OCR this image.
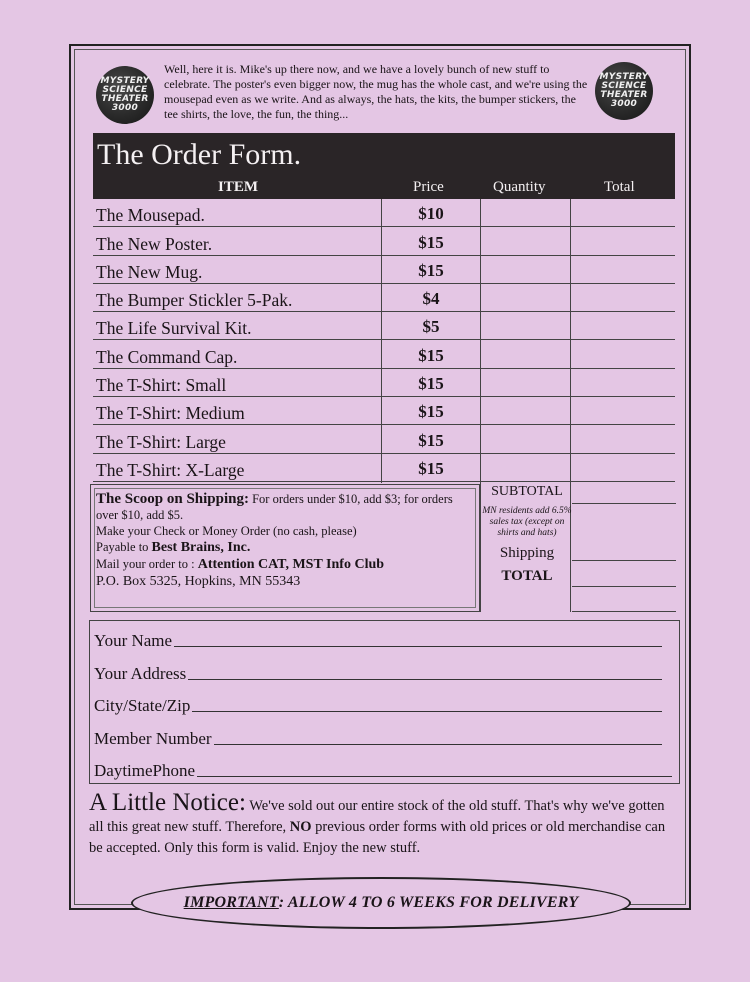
MYSTERY
SCIENCE
THEATER
3000
MYSTERY
SCIENCE
THEATER
3000
Well, here it is. Mike's up there now, and we have a lovely bunch of new stuff to celebrate. The poster's even bigger now, the mug has the whole cast, and we're using the mousepad even as we write. And as always, the hats, the kits, the bumper stickers, the tee shirts, the love, the fun, the thing...
The Order Form.
ITEM	Price	Quantity	Total
The Mousepad.	$10
The New Poster.	$15
The New Mug.	$15
The Bumper Stickler 5-Pak.	$4
The Life Survival Kit.	$5
The Command Cap.	$15
The T-Shirt: Small	$15
The T-Shirt: Medium	$15
The T-Shirt: Large	$15
The T-Shirt: X-Large	$15
The Scoop on Shipping: For orders under $10, add $3; for orders over $10, add $5.
Make your Check or Money Order (no cash, please)
Payable to Best Brains, Inc.
Mail your order to : Attention CAT, MST Info Club
P.O. Box 5325, Hopkins, MN 55343
SUBTOTAL
MN residents add 6.5% sales tax (except on shirts and hats)
Shipping
TOTAL
Your Name
Your Address
City/State/Zip
Member Number
DaytimePhone
A Little Notice: We've sold out our entire stock of the old stuff. That's why we've gotten all this great new stuff. Therefore, NO previous order forms with old prices or old merchandise can be accepted. Only this form is valid. Enjoy the new stuff.
IMPORTANT : ALLOW 4 TO 6 WEEKS FOR DELIVERY
